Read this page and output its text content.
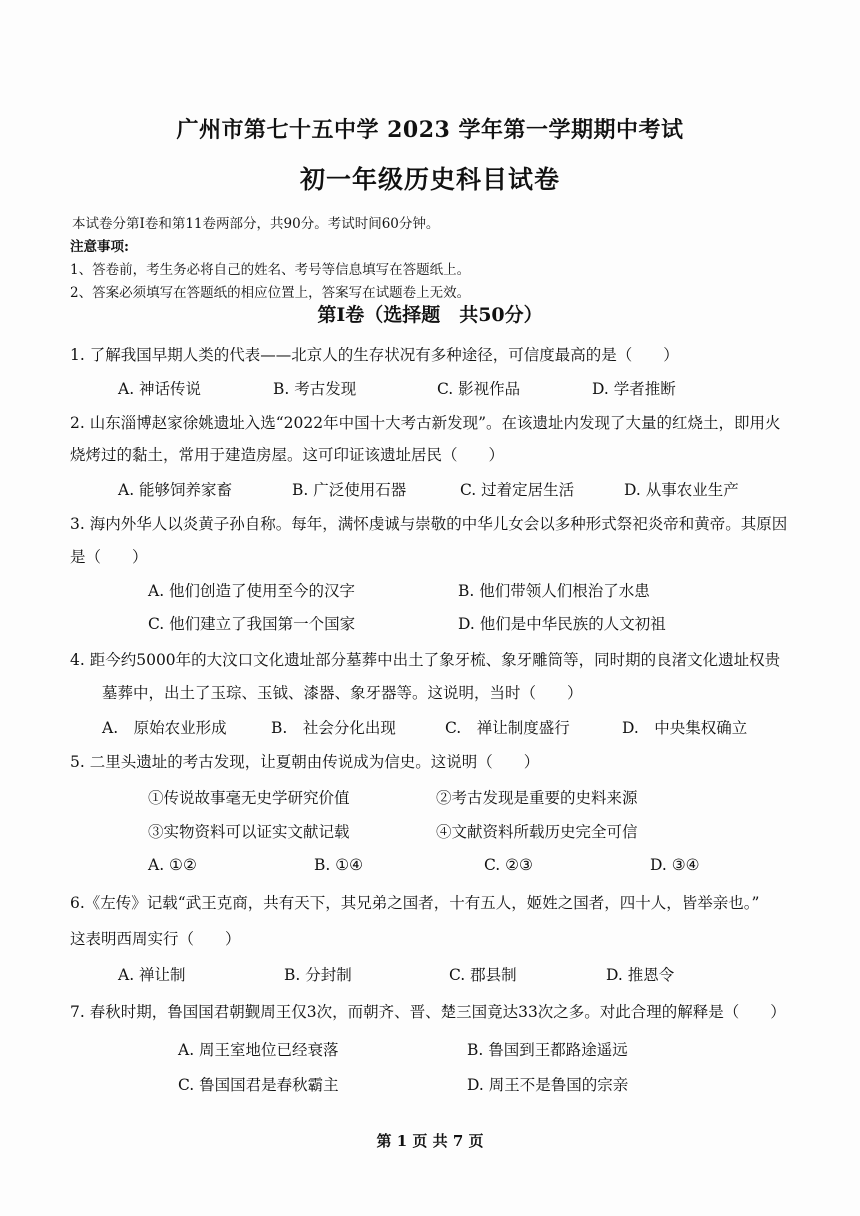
广州市第七十五中学 2023 学年第一学期期中考试
初一年级历史科目试卷
本试卷分第Ⅰ卷和第11卷两部分，共90分。考试时间60分钟。
注意事项:
1、答卷前，考生务必将自己的姓名、考号等信息填写在答题纸上。
2、答案必须填写在答题纸的相应位置上，答案写在试题卷上无效。
第Ⅰ卷（选择题　共50分）
1. 了解我国早期人类的代表——北京人的生存状况有多种途径，可信度最高的是（　　）
A. 神话传说	B. 考古发现	C. 影视作品	D. 学者推断
2. 山东淄博赵家徐姚遗址入选“2022年中国十大考古新发现”。在该遗址内发现了大量的红烧土，即用火
烧烤过的黏土，常用于建造房屋。这可印证该遗址居民（　　）
A. 能够饲养家畜	B. 广泛使用石器	C. 过着定居生活	D. 从事农业生产
3. 海内外华人以炎黄子孙自称。每年，满怀虔诚与崇敬的中华儿女会以多种形式祭祀炎帝和黄帝。其原因
是（　　）
A. 他们创造了使用至今的汉字	B. 他们带领人们根治了水患
C. 他们建立了我国第一个国家	D. 他们是中华民族的人文初祖
4. 距今约5000年的大汶口文化遗址部分墓葬中出土了象牙梳、象牙雕筒等，同时期的良渚文化遗址权贵
墓葬中，出土了玉琮、玉钺、漆器、象牙器等。这说明，当时（　　）
A.　原始农业形成	B.　社会分化出现	C.　禅让制度盛行	D.　中央集权确立
5. 二里头遗址的考古发现，让夏朝由传说成为信史。这说明（　　）
①传说故事毫无史学研究价值	②考古发现是重要的史料来源
③实物资料可以证实文献记载	④文献资料所载历史完全可信
A. ①②	B. ①④	C. ②③	D. ③④
6.《左传》记载“武王克商，共有天下，其兄弟之国者，十有五人，姬姓之国者，四十人，皆举亲也。”
这表明西周实行（　　）
A. 禅让制	B. 分封制	C. 郡县制	D. 推恩令
7. 春秋时期，鲁国国君朝觐周王仅3次，而朝齐、晋、楚三国竟达33次之多。对此合理的解释是（　　）
A. 周王室地位已经衰落	B. 鲁国到王都路途遥远
C. 鲁国国君是春秋霸主	D. 周王不是鲁国的宗亲
第 1 页 共 7 页
